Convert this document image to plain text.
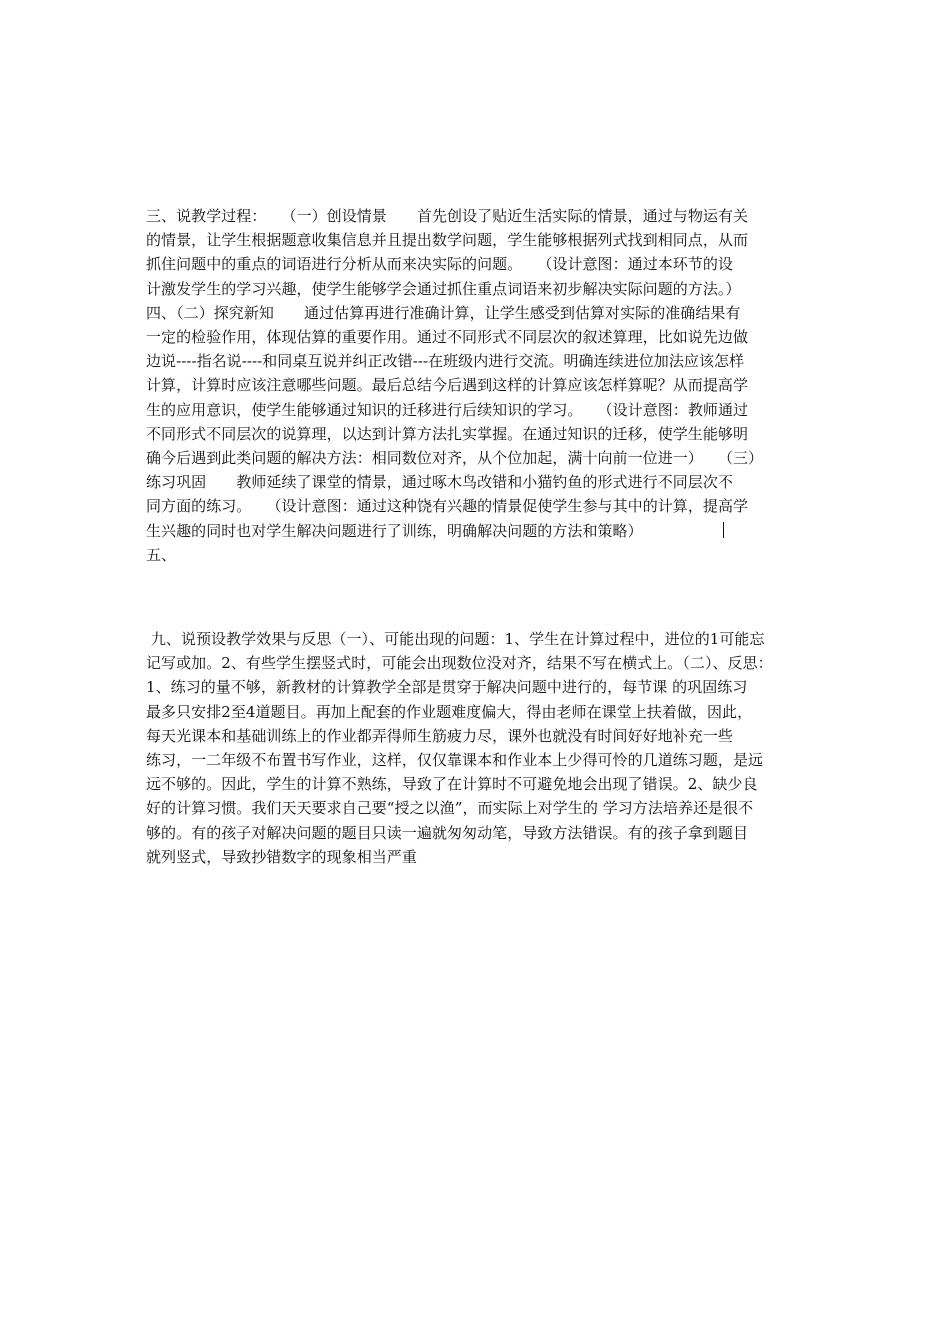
三、说教学过程：　　（一）创设情景　　首先创设了贴近生活实际的情景，通过与物运有关
的情景，让学生根据题意收集信息并且提出数学问题，学生能够根据列式找到相同点，从而
抓住问题中的重点的词语进行分析从而来决实际的问题。　　（设计意图：通过本环节的设
计激发学生的学习兴趣，使学生能够学会通过抓住重点词语来初步解决实际问题的方法。）
四、（二）探究新知　　通过估算再进行准确计算，让学生感受到估算对实际的准确结果有
一定的检验作用，体现估算的重要作用。通过不同形式不同层次的叙述算理，比如说先边做
边说----指名说----和同桌互说并纠正改错---在班级内进行交流。明确连续进位加法应该怎样
计算，计算时应该注意哪些问题。最后总结今后遇到这样的计算应该怎样算呢？从而提高学
生的应用意识，使学生能够通过知识的迁移进行后续知识的学习。　　（设计意图：教师通过
不同形式不同层次的说算理，以达到计算方法扎实掌握。在通过知识的迁移，使学生能够明
确今后遇到此类问题的解决方法：相同数位对齐，从个位加起，满十向前一位进一）　　（三）
练习巩固　　教师延续了课堂的情景，通过啄木鸟改错和小猫钓鱼的形式进行不同层次不
同方面的练习。　　（设计意图：通过这种饶有兴趣的情景促使学生参与其中的计算，提高学
生兴趣的同时也对学生解决问题进行了训练，明确解决问题的方法和策略）
五、
九、说预设教学效果与反思（一）、可能出现的问题：1、学生在计算过程中，进位的1可能忘
记写或加。2、有些学生摆竖式时，可能会出现数位没对齐，结果不写在横式上。（二）、反思：
1、练习的量不够，新教材的计算教学全部是贯穿于解决问题中进行的，每节课 的巩固练习
最多只安排2至4道题目。再加上配套的作业题难度偏大，得由老师在课堂上扶着做，因此，
每天光课本和基础训练上的作业都弄得师生筋疲力尽，课外也就没有时间好好地补充一些
练习，一二年级不布置书写作业，这样，仅仅靠课本和作业本上少得可怜的几道练习题，是远
远不够的。因此，学生的计算不熟练，导致了在计算时不可避免地会出现了错误。2、缺少良
好的计算习惯。我们天天要求自己要“授之以渔”，而实际上对学生的 学习方法培养还是很不
够的。有的孩子对解决问题的题目只读一遍就匆匆动笔，导致方法错误。有的孩子拿到题目
就列竖式，导致抄错数字的现象相当严重
